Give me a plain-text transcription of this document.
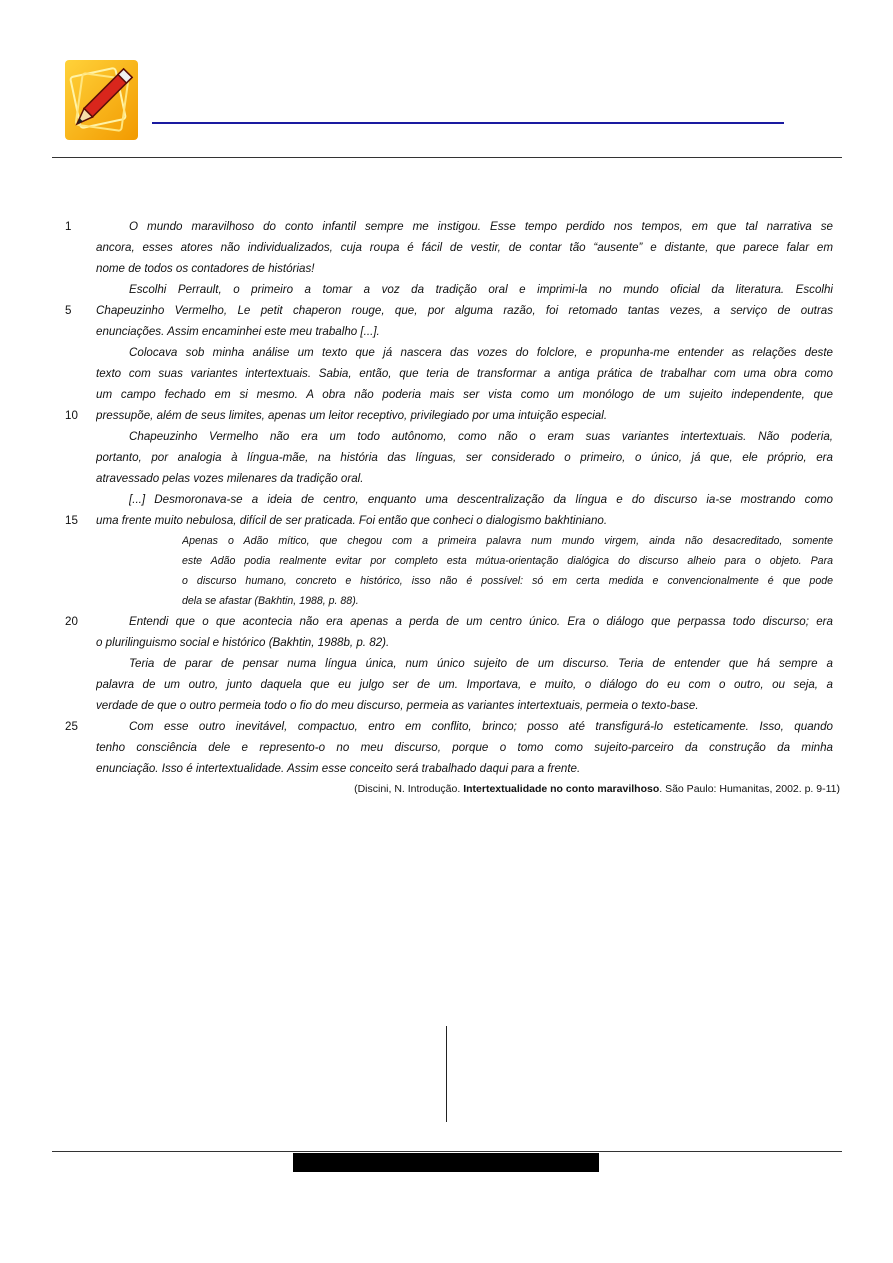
1	O mundo maravilhoso do conto infantil sempre me instigou. Esse tempo perdido nos tempos, em que tal narrativa se
ancora, esses atores não individualizados, cuja roupa é fácil de vestir, de contar tão “ausente” e distante, que parece falar em
nome de todos os contadores de histórias!
Escolhi Perrault, o primeiro a tomar a voz da tradição oral e imprimi-la no mundo oficial da literatura. Escolhi
5	Chapeuzinho Vermelho, Le petit chaperon rouge, que, por alguma razão, foi retomado tantas vezes, a serviço de outras
enunciações. Assim encaminhei este meu trabalho [...].
Colocava sob minha análise um texto que já nascera das vozes do folclore, e propunha-me entender as relações deste
texto com suas variantes intertextuais. Sabia, então, que teria de transformar a antiga prática de trabalhar com uma obra como
um campo fechado em si mesmo. A obra não poderia mais ser vista como um monólogo de um sujeito independente, que
10	pressupõe, além de seus limites, apenas um leitor receptivo, privilegiado por uma intuição especial.
Chapeuzinho Vermelho não era um todo autônomo, como não o eram suas variantes intertextuais. Não poderia,
portanto, por analogia à língua-mãe, na história das línguas, ser considerado o primeiro, o único, já que, ele próprio, era
atravessado pelas vozes milenares da tradição oral.
[...] Desmoronava-se a ideia de centro, enquanto uma descentralização da língua e do discurso ia-se mostrando como
15	uma frente muito nebulosa, difícil de ser praticada. Foi então que conheci o dialogismo bakhtiniano.
Apenas o Adão mítico, que chegou com a primeira palavra num mundo virgem, ainda não desacreditado, somente
este Adão podia realmente evitar por completo esta mútua-orientação dialógica do discurso alheio para o objeto. Para
o discurso humano, concreto e histórico, isso não é possível: só em certa medida e convencionalmente é que pode
dela se afastar (Bakhtin, 1988, p. 88).
20	Entendi que o que acontecia não era apenas a perda de um centro único. Era o diálogo que perpassa todo discurso; era
o plurilinguismo social e histórico (Bakhtin, 1988b, p. 82).
Teria de parar de pensar numa língua única, num único sujeito de um discurso. Teria de entender que há sempre a
palavra de um outro, junto daquela que eu julgo ser de um. Importava, e muito, o diálogo do eu com o outro, ou seja, a
verdade de que o outro permeia todo o fio do meu discurso, permeia as variantes intertextuais, permeia o texto-base.
25	Com esse outro inevitável, compactuo, entro em conflito, brinco; posso até transfigurá-lo esteticamente. Isso, quando
tenho consciência dele e represento-o no meu discurso, porque o tomo como sujeito-parceiro da construção da minha
enunciação. Isso é intertextualidade. Assim esse conceito será trabalhado daqui para a frente.
(Discini, N. Introdução. Intertextualidade no conto maravilhoso. São Paulo: Humanitas, 2002. p. 9-11)
